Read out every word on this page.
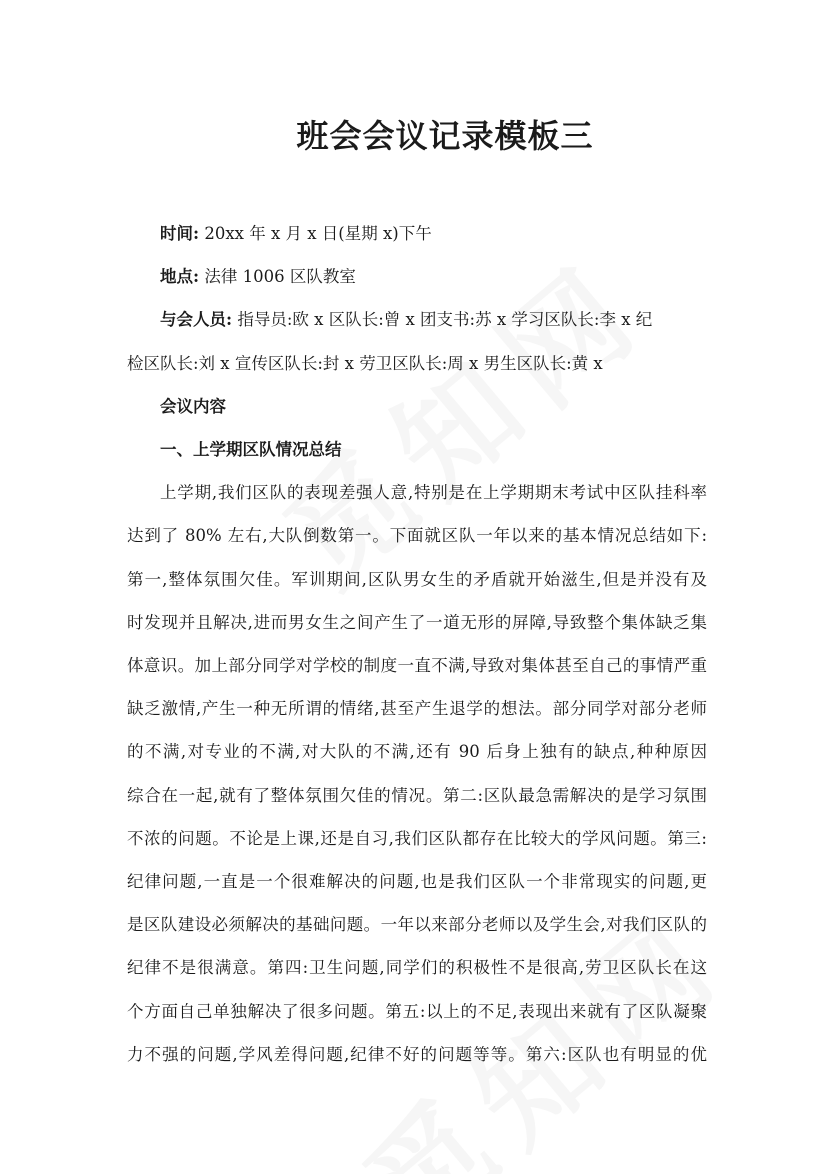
班会会议记录模板三

时间: 20xx 年 x 月 x 日(星期 x)下午

地点: 法律 1006 区队教室

与会人员: 指导员:欧 x 区队长:曾 x 团支书:苏 x 学习区队长:李 x 纪

检区队长:刘 x 宣传区队长:封 x 劳卫区队长:周 x 男生区队长:黄 x

会议内容

一、上学期区队情况总结

上学期,我们区队的表现差强人意,特别是在上学期期末考试中区队挂科率

达到了 80% 左右,大队倒数第一。下面就区队一年以来的基本情况总结如下:

第一,整体氛围欠佳。军训期间,区队男女生的矛盾就开始滋生,但是并没有及

时发现并且解决,进而男女生之间产生了一道无形的屏障,导致整个集体缺乏集

体意识。加上部分同学对学校的制度一直不满,导致对集体甚至自己的事情严重

缺乏激情,产生一种无所谓的情绪,甚至产生退学的想法。部分同学对部分老师

的不满,对专业的不满,对大队的不满,还有 90 后身上独有的缺点,种种原因

综合在一起,就有了整体氛围欠佳的情况。第二:区队最急需解决的是学习氛围

不浓的问题。不论是上课,还是自习,我们区队都存在比较大的学风问题。第三:

纪律问题,一直是一个很难解决的问题,也是我们区队一个非常现实的问题,更

是区队建设必须解决的基础问题。一年以来部分老师以及学生会,对我们区队的

纪律不是很满意。第四:卫生问题,同学们的积极性不是很高,劳卫区队长在这

个方面自己单独解决了很多问题。第五:以上的不足,表现出来就有了区队凝聚

力不强的问题,学风差得问题,纪律不好的问题等等。第六:区队也有明显的优
